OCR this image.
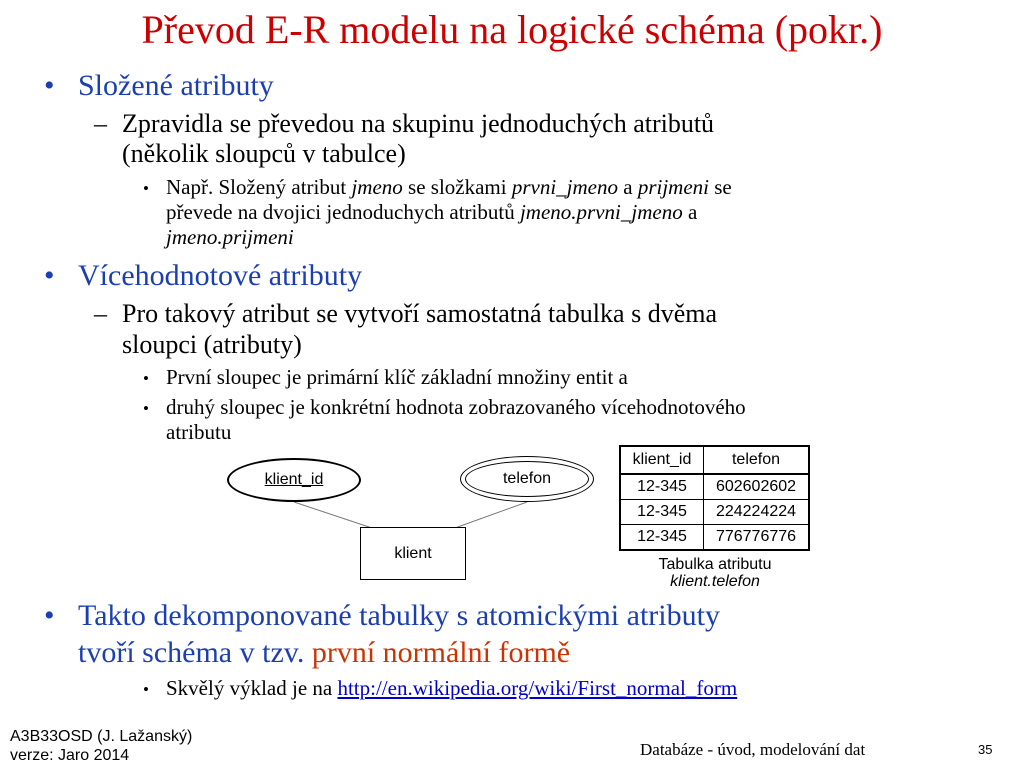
Převod E-R modelu na logické schéma (pokr.)
• Složené atributy
– Zpravidla se převedou na skupinu jednoduchých atributů
(několik sloupců v tabulce)
• Např. Složený atribut jmeno se složkami prvni_jmeno a prijmeni se
převede na dvojici jednoduchych atributů jmeno.prvni_jmeno a
jmeno.prijmeni
• Vícehodnotové atributy
– Pro takový atribut se vytvoří samostatná tabulka s dvěma
sloupci (atributy)
• První sloupec je primární klíč základní množiny entit a
• druhý sloupec je konkrétní hodnota zobrazovaného vícehodnotového
atributu
klient_id	telefon
klient
klient_id	telefon
12-345	602602602
12-345	224224224
12-345	776776776
Tabulka atributu
klient.telefon
• Takto dekomponované tabulky s atomickými atributy
tvoří schéma v tzv. první normální formě
• Skvělý výklad je na http://en.wikipedia.org/wiki/First_normal_form
A3B33OSD (J. Lažanský)
verze: Jaro 2014	Databáze - úvod, modelování dat	35
